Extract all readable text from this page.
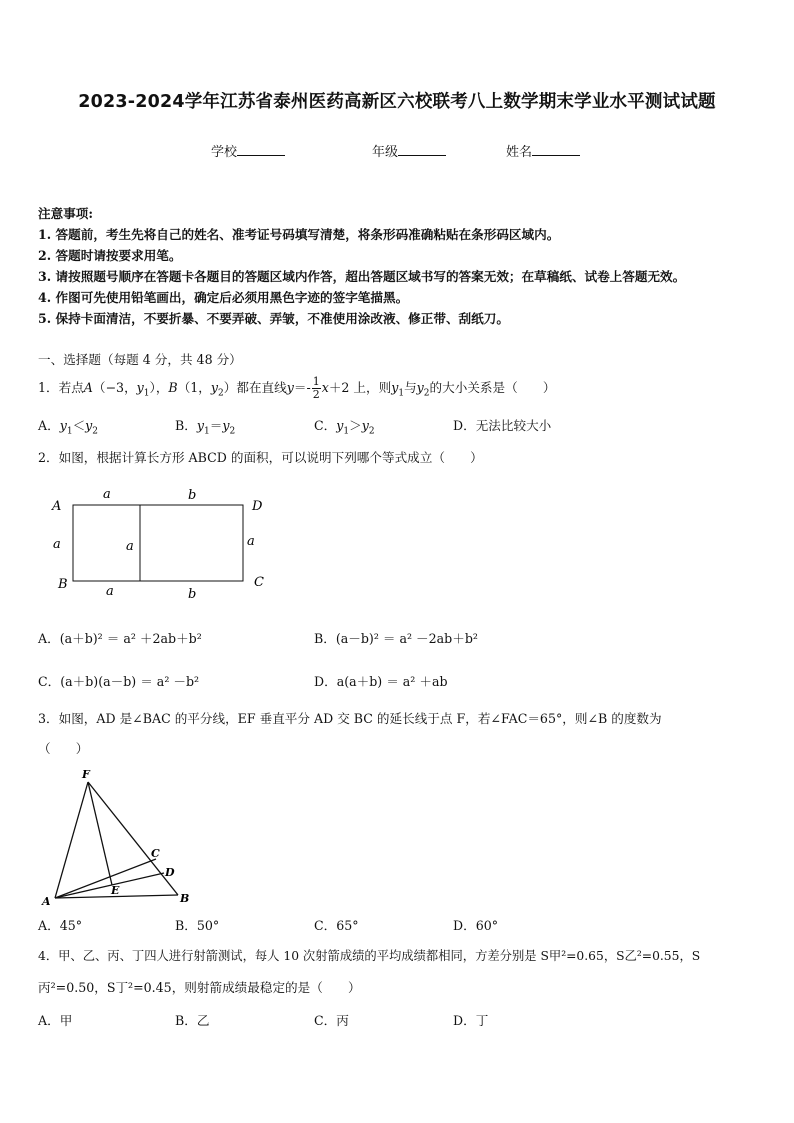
2023-2024学年江苏省泰州医药高新区六校联考八上数学期末学业水平测试试题
学校	年级	姓名
注意事项:
1. 答题前，考生先将自己的姓名、准考证号码填写清楚，将条形码准确粘贴在条形码区域内。
2. 答题时请按要求用笔。
3. 请按照题号顺序在答题卡各题目的答题区域内作答，超出答题区域书写的答案无效；在草稿纸、试卷上答题无效。
4. 作图可先使用铅笔画出，确定后必须用黑色字迹的签字笔描黑。
5. 保持卡面清洁，不要折暴、不要弄破、弄皱，不准使用涂改液、修正带、刮纸刀。
一、选择题（每题 4 分，共 48 分）
1．若点A（−3，$y_1$），B（1，$y_2$）都在直线$y=- \frac{1}{2} x+2$ 上，则$y_1$与$y_2$的大小关系是（　　）
A．$y_1<y_2$	B．$y_1=y_2$	C．$y_1>y_2$	D．无法比较大小
2．如图，根据计算长方形 ABCD 的面积，可以说明下列哪个等式成立（　　）
A	D
B	C
a	b
a	a	a
a	b
A．(a＋b)² ＝ a² ＋2ab＋b²	B．(a－b)² ＝ a² －2ab＋b²
C．(a＋b)(a－b) ＝ a² －b²	D．a(a＋b) ＝ a² ＋ab
3．如图，AD 是∠BAC 的平分线，EF 垂直平分 AD 交 BC 的延长线于点 F，若∠FAC＝65°，则∠B 的度数为
（　　）
F
C
D
A
E
B
A．45°	B．50°	C．65°	D．60°
4．甲、乙、丙、丁四人进行射箭测试，每人 10 次射箭成绩的平均成绩都相同，方差分别是 S甲²=0.65，S乙²=0.55，S
丙²=0.50，S丁²=0.45，则射箭成绩最稳定的是（　　）
A．甲	B．乙	C．丙	D．丁
